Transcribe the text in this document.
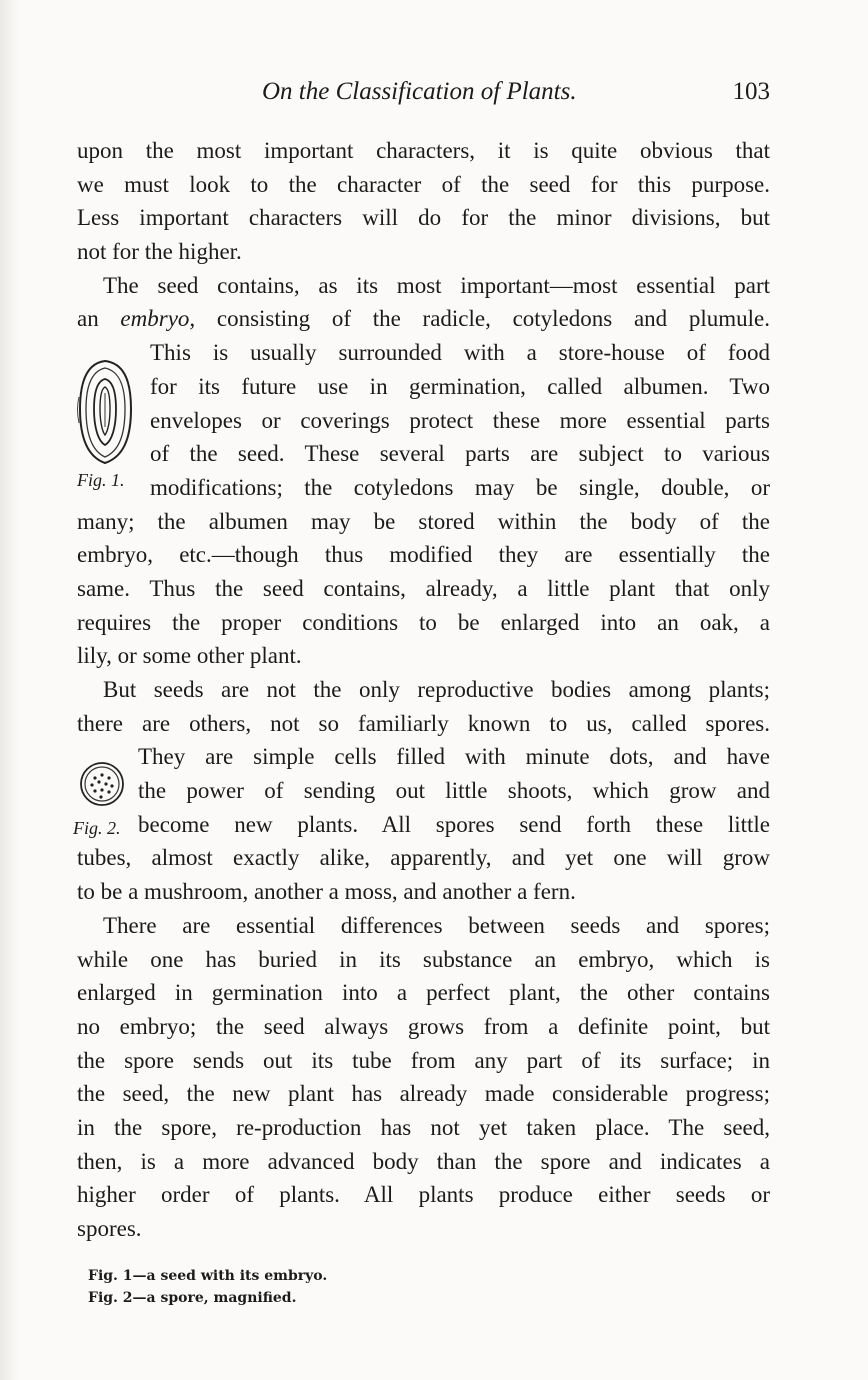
On the Classification of Plants.	103
upon the most important characters, it is quite obvious that
we must look to the character of the seed for this purpose.
Less important characters will do for the minor divisions, but
not for the higher.
The seed contains, as its most important—most essential part
an embryo, consisting of the radicle, cotyledons and plumule.
This is usually surrounded with a store-house of food
for its future use in germination, called albumen. Two
envelopes or coverings protect these more essential parts
of the seed. These several parts are subject to various
modifications; the cotyledons may be single, double, or
many; the albumen may be stored within the body of the
embryo, etc.—though thus modified they are essentially the
same. Thus the seed contains, already, a little plant that only
requires the proper conditions to be enlarged into an oak, a
lily, or some other plant.
But seeds are not the only reproductive bodies among plants;
there are others, not so familiarly known to us, called spores.
They are simple cells filled with minute dots, and have
the power of sending out little shoots, which grow and
become new plants. All spores send forth these little
tubes, almost exactly alike, apparently, and yet one will grow
to be a mushroom, another a moss, and another a fern.
There are essential differences between seeds and spores;
while one has buried in its substance an embryo, which is
enlarged in germination into a perfect plant, the other contains
no embryo; the seed always grows from a definite point, but
the spore sends out its tube from any part of its surface; in
the seed, the new plant has already made considerable progress;
in the spore, re-production has not yet taken place. The seed,
then, is a more advanced body than the spore and indicates a
higher order of plants. All plants produce either seeds or
spores.
Fig. 1.
Fig. 2.
Fig. 1—a seed with its embryo.
Fig. 2—a spore, magnified.
